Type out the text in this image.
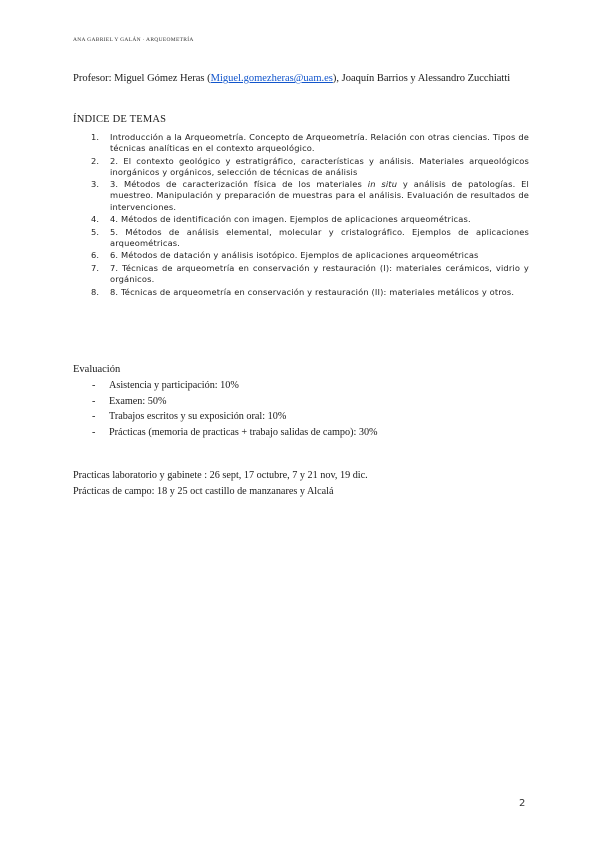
ANA GABRIEL Y GALÁN · ARQUEOMETRÍA

Profesor: Miguel Gómez Heras (Miguel.gomezheras@uam.es), Joaquín Barrios y Alessandro Zucchiatti

ÍNDICE DE TEMAS
1. Introducción a la Arqueometría. Concepto de Arqueometría. Relación con otras ciencias. Tipos de técnicas analíticas en el contexto arqueológico.
2. 2. El contexto geológico y estratigráfico, características y análisis. Materiales arqueológicos inorgánicos y orgánicos, selección de técnicas de análisis
3. 3. Métodos de caracterización física de los materiales in situ y análisis de patologías. El muestreo. Manipulación y preparación de muestras para el análisis. Evaluación de resultados de intervenciones.
4. 4. Métodos de identificación con imagen. Ejemplos de aplicaciones arqueométricas.
5. 5. Métodos de análisis elemental, molecular y cristalográfico. Ejemplos de aplicaciones arqueométricas.
6. 6. Métodos de datación y análisis isotópico. Ejemplos de aplicaciones arqueométricas
7. 7. Técnicas de arqueometría en conservación y restauración (I): materiales cerámicos, vidrio y orgánicos.
8. 8. Técnicas de arqueometría en conservación y restauración (II): materiales metálicos y otros.
Evaluación
- Asistencia y participación: 10%
- Examen: 50%
- Trabajos escritos y su exposición oral: 10%
- Prácticas (memoria de practicas + trabajo salidas de campo): 30%
Practicas laboratorio y gabinete : 26 sept, 17 octubre, 7 y 21 nov, 19 dic.
Prácticas de campo: 18 y 25 oct castillo de manzanares y Alcalá
2
